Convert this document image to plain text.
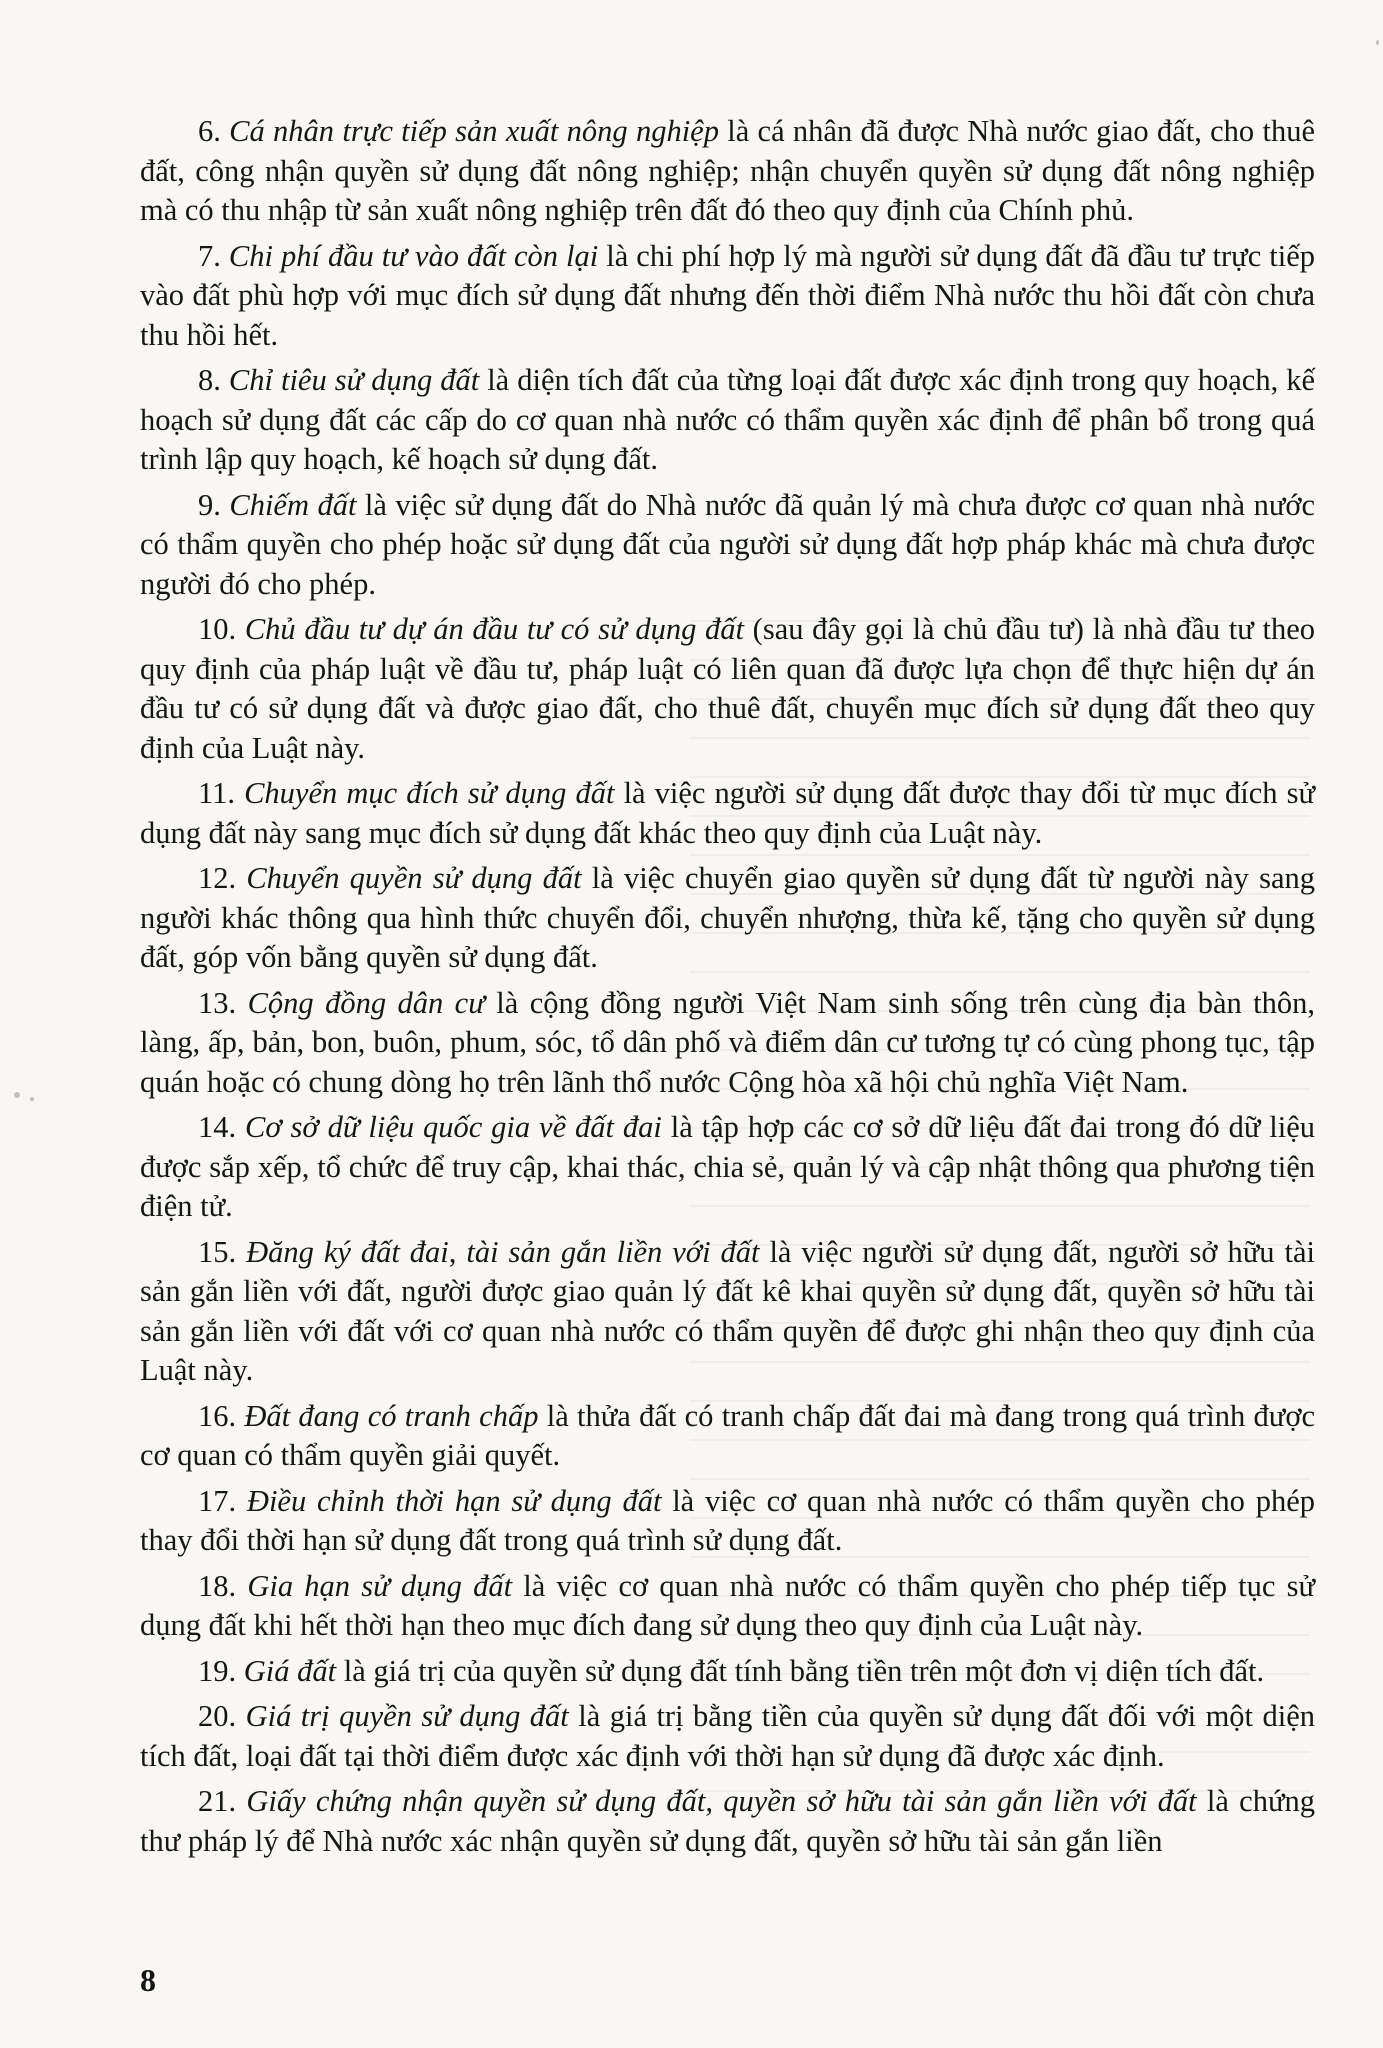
6. Cá nhân trực tiếp sản xuất nông nghiệp là cá nhân đã được Nhà nước giao đất, cho thuê đất, công nhận quyền sử dụng đất nông nghiệp; nhận chuyển quyền sử dụng đất nông nghiệp mà có thu nhập từ sản xuất nông nghiệp trên đất đó theo quy định của Chính phủ.

7. Chi phí đầu tư vào đất còn lại là chi phí hợp lý mà người sử dụng đất đã đầu tư trực tiếp vào đất phù hợp với mục đích sử dụng đất nhưng đến thời điểm Nhà nước thu hồi đất còn chưa thu hồi hết.

8. Chỉ tiêu sử dụng đất là diện tích đất của từng loại đất được xác định trong quy hoạch, kế hoạch sử dụng đất các cấp do cơ quan nhà nước có thẩm quyền xác định để phân bổ trong quá trình lập quy hoạch, kế hoạch sử dụng đất.

9. Chiếm đất là việc sử dụng đất do Nhà nước đã quản lý mà chưa được cơ quan nhà nước có thẩm quyền cho phép hoặc sử dụng đất của người sử dụng đất hợp pháp khác mà chưa được người đó cho phép.

10. Chủ đầu tư dự án đầu tư có sử dụng đất (sau đây gọi là chủ đầu tư) là nhà đầu tư theo quy định của pháp luật về đầu tư, pháp luật có liên quan đã được lựa chọn để thực hiện dự án đầu tư có sử dụng đất và được giao đất, cho thuê đất, chuyển mục đích sử dụng đất theo quy định của Luật này.

11. Chuyển mục đích sử dụng đất là việc người sử dụng đất được thay đổi từ mục đích sử dụng đất này sang mục đích sử dụng đất khác theo quy định của Luật này.

12. Chuyển quyền sử dụng đất là việc chuyển giao quyền sử dụng đất từ người này sang người khác thông qua hình thức chuyển đổi, chuyển nhượng, thừa kế, tặng cho quyền sử dụng đất, góp vốn bằng quyền sử dụng đất.

13. Cộng đồng dân cư là cộng đồng người Việt Nam sinh sống trên cùng địa bàn thôn, làng, ấp, bản, bon, buôn, phum, sóc, tổ dân phố và điểm dân cư tương tự có cùng phong tục, tập quán hoặc có chung dòng họ trên lãnh thổ nước Cộng hòa xã hội chủ nghĩa Việt Nam.

14. Cơ sở dữ liệu quốc gia về đất đai là tập hợp các cơ sở dữ liệu đất đai trong đó dữ liệu được sắp xếp, tổ chức để truy cập, khai thác, chia sẻ, quản lý và cập nhật thông qua phương tiện điện tử.

15. Đăng ký đất đai, tài sản gắn liền với đất là việc người sử dụng đất, người sở hữu tài sản gắn liền với đất, người được giao quản lý đất kê khai quyền sử dụng đất, quyền sở hữu tài sản gắn liền với đất với cơ quan nhà nước có thẩm quyền để được ghi nhận theo quy định của Luật này.

16. Đất đang có tranh chấp là thửa đất có tranh chấp đất đai mà đang trong quá trình được cơ quan có thẩm quyền giải quyết.

17. Điều chỉnh thời hạn sử dụng đất là việc cơ quan nhà nước có thẩm quyền cho phép thay đổi thời hạn sử dụng đất trong quá trình sử dụng đất.

18. Gia hạn sử dụng đất là việc cơ quan nhà nước có thẩm quyền cho phép tiếp tục sử dụng đất khi hết thời hạn theo mục đích đang sử dụng theo quy định của Luật này.

19. Giá đất là giá trị của quyền sử dụng đất tính bằng tiền trên một đơn vị diện tích đất.

20. Giá trị quyền sử dụng đất là giá trị bằng tiền của quyền sử dụng đất đối với một diện tích đất, loại đất tại thời điểm được xác định với thời hạn sử dụng đã được xác định.

21. Giấy chứng nhận quyền sử dụng đất, quyền sở hữu tài sản gắn liền với đất là chứng thư pháp lý để Nhà nước xác nhận quyền sử dụng đất, quyền sở hữu tài sản gắn liền

8
